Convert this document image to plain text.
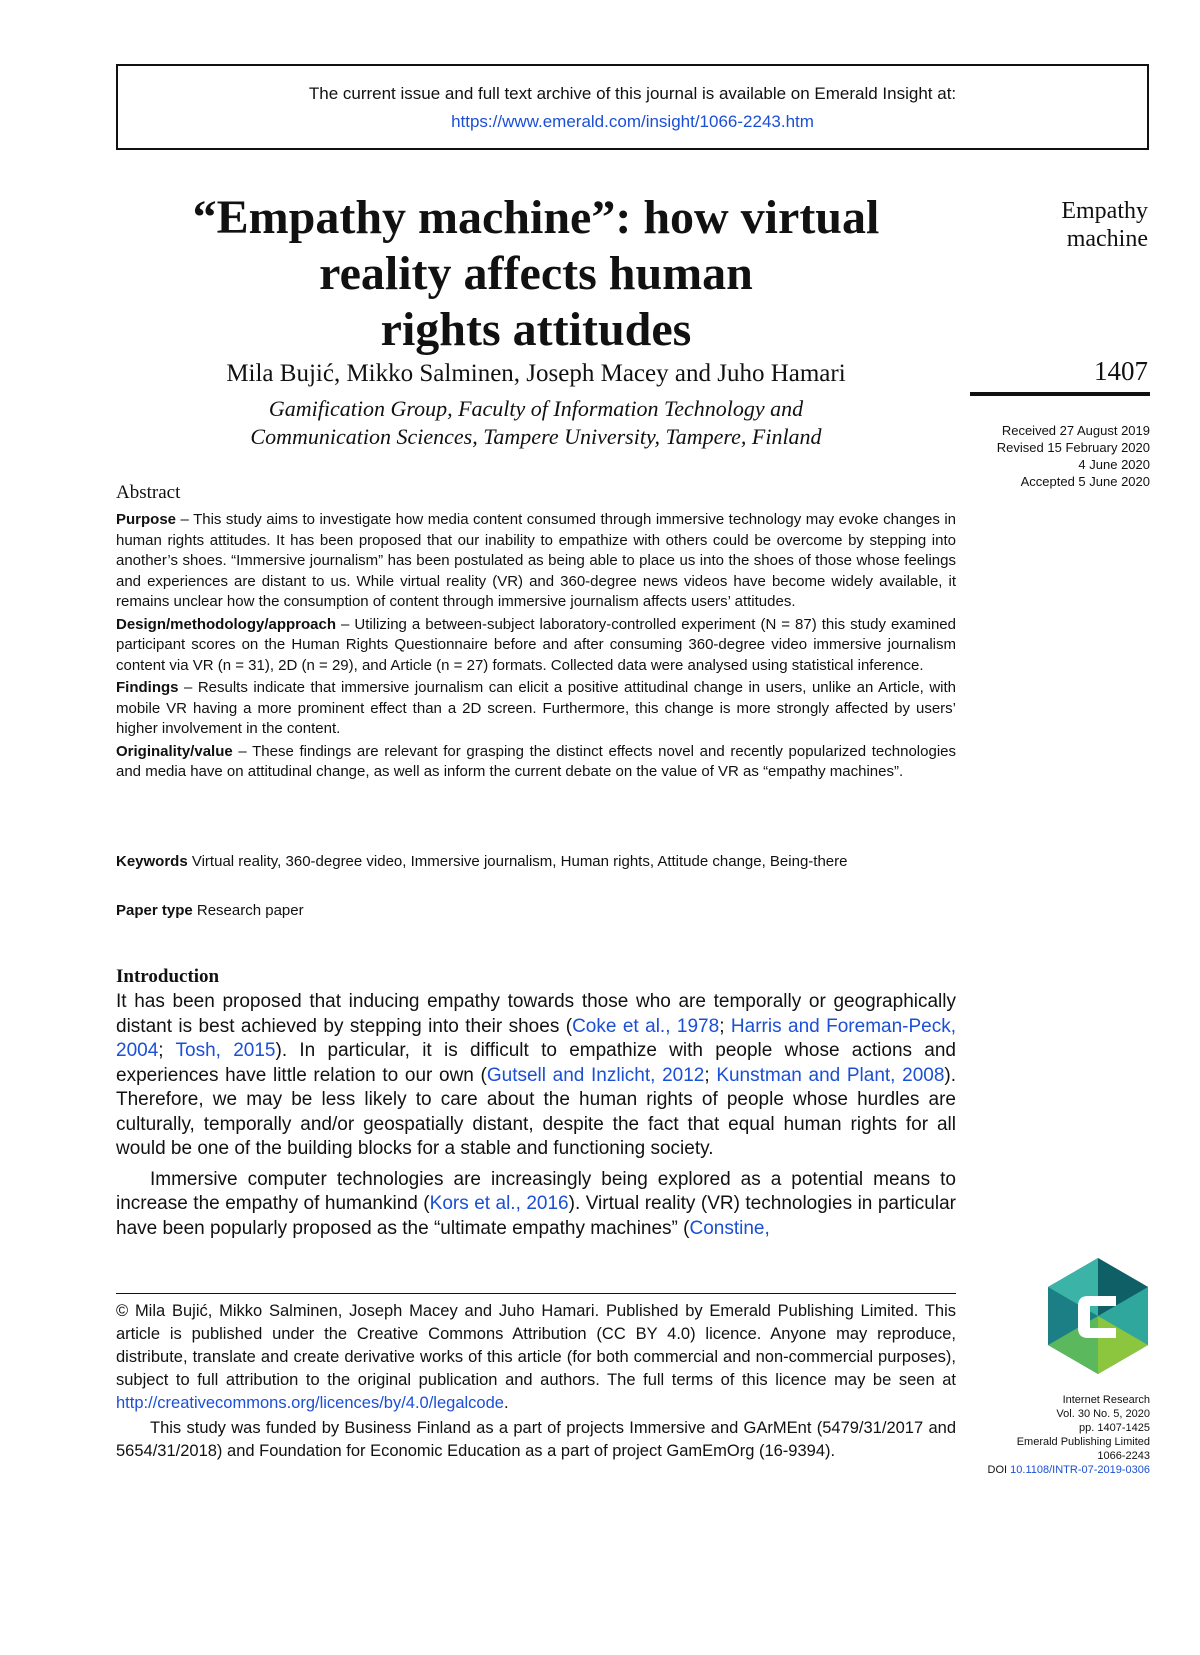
The current issue and full text archive of this journal is available on Emerald Insight at:
https://www.emerald.com/insight/1066-2243.htm
“Empathy machine”: how virtual
reality affects human
rights attitudes
Mila Bujić, Mikko Salminen, Joseph Macey and Juho Hamari
Gamification Group, Faculty of Information Technology and
Communication Sciences, Tampere University, Tampere, Finland
Empathy
machine
1407
Received 27 August 2019
Revised 15 February 2020
4 June 2020
Accepted 5 June 2020
Abstract

Purpose – This study aims to investigate how media content consumed through immersive technology may evoke changes in human rights attitudes. It has been proposed that our inability to empathize with others could be overcome by stepping into another’s shoes. “Immersive journalism” has been postulated as being able to place us into the shoes of those whose feelings and experiences are distant to us. While virtual reality (VR) and 360-degree news videos have become widely available, it remains unclear how the consumption of content through immersive journalism affects users’ attitudes.

Design/methodology/approach – Utilizing a between-subject laboratory-controlled experiment (N = 87) this study examined participant scores on the Human Rights Questionnaire before and after consuming 360-degree video immersive journalism content via VR (n = 31), 2D (n = 29), and Article (n = 27) formats. Collected data were analysed using statistical inference.

Findings – Results indicate that immersive journalism can elicit a positive attitudinal change in users, unlike an Article, with mobile VR having a more prominent effect than a 2D screen. Furthermore, this change is more strongly affected by users’ higher involvement in the content.

Originality/value – These findings are relevant for grasping the distinct effects novel and recently popularized technologies and media have on attitudinal change, as well as inform the current debate on the value of VR as “empathy machines”.

Keywords Virtual reality, 360-degree video, Immersive journalism, Human rights, Attitude change, Being-there
Paper type Research paper
Introduction

It has been proposed that inducing empathy towards those who are temporally or geographically distant is best achieved by stepping into their shoes (Coke et al., 1978; Harris and Foreman-Peck, 2004; Tosh, 2015). In particular, it is difficult to empathize with people whose actions and experiences have little relation to our own (Gutsell and Inzlicht, 2012; Kunstman and Plant, 2008). Therefore, we may be less likely to care about the human rights of people whose hurdles are culturally, temporally and/or geospatially distant, despite the fact that equal human rights for all would be one of the building blocks for a stable and functioning society.

Immersive computer technologies are increasingly being explored as a potential means to increase the empathy of humankind (Kors et al., 2016). Virtual reality (VR) technologies in particular have been popularly proposed as the “ultimate empathy machines” (Constine,

© Mila Bujić, Mikko Salminen, Joseph Macey and Juho Hamari. Published by Emerald Publishing Limited. This article is published under the Creative Commons Attribution (CC BY 4.0) licence. Anyone may reproduce, distribute, translate and create derivative works of this article (for both commercial and non-commercial purposes), subject to full attribution to the original publication and authors. The full terms of this licence may be seen at http://creativecommons.org/licences/by/4.0/legalcode.

This study was funded by Business Finland as a part of projects Immersive and GArMEnt (5479/31/2017 and 5654/31/2018) and Foundation for Economic Education as a part of project GamEmOrg (16-9394).

Internet Research
Vol. 30 No. 5, 2020
pp. 1407-1425
Emerald Publishing Limited
1066-2243
DOI 10.1108/INTR-07-2019-0306
